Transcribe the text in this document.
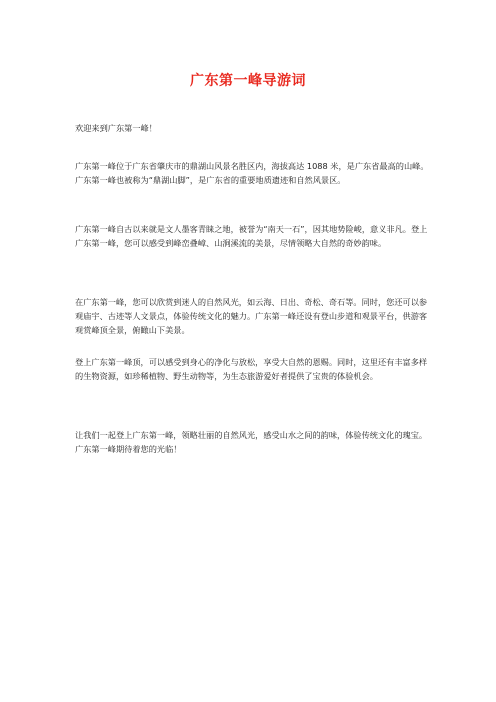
广东第一峰导游词

欢迎来到广东第一峰！

广东第一峰位于广东省肇庆市的鼎湖山风景名胜区内，海拔高达 1088 米，是广东省最高的山峰。广东第一峰也被称为“鼎湖山脚”，是广东省的重要地质遗迹和自然风景区。

广东第一峰自古以来就是文人墨客青睐之地，被誉为“南天一石”，因其地势险峻，意义非凡。登上广东第一峰，您可以感受到峰峦叠嶂、山涧溪流的美景，尽情领略大自然的奇妙韵味。

在广东第一峰，您可以欣赏到迷人的自然风光，如云海、日出、奇松、奇石等。同时，您还可以参观庙宇、古迹等人文景点，体验传统文化的魅力。广东第一峰还设有登山步道和观景平台，供游客观赏峰顶全景，俯瞰山下美景。

登上广东第一峰顶，可以感受到身心的净化与放松，享受大自然的恩赐。同时，这里还有丰富多样的生物资源，如珍稀植物、野生动物等，为生态旅游爱好者提供了宝贵的体验机会。

让我们一起登上广东第一峰，领略壮丽的自然风光，感受山水之间的韵味，体验传统文化的瑰宝。广东第一峰期待着您的光临！
